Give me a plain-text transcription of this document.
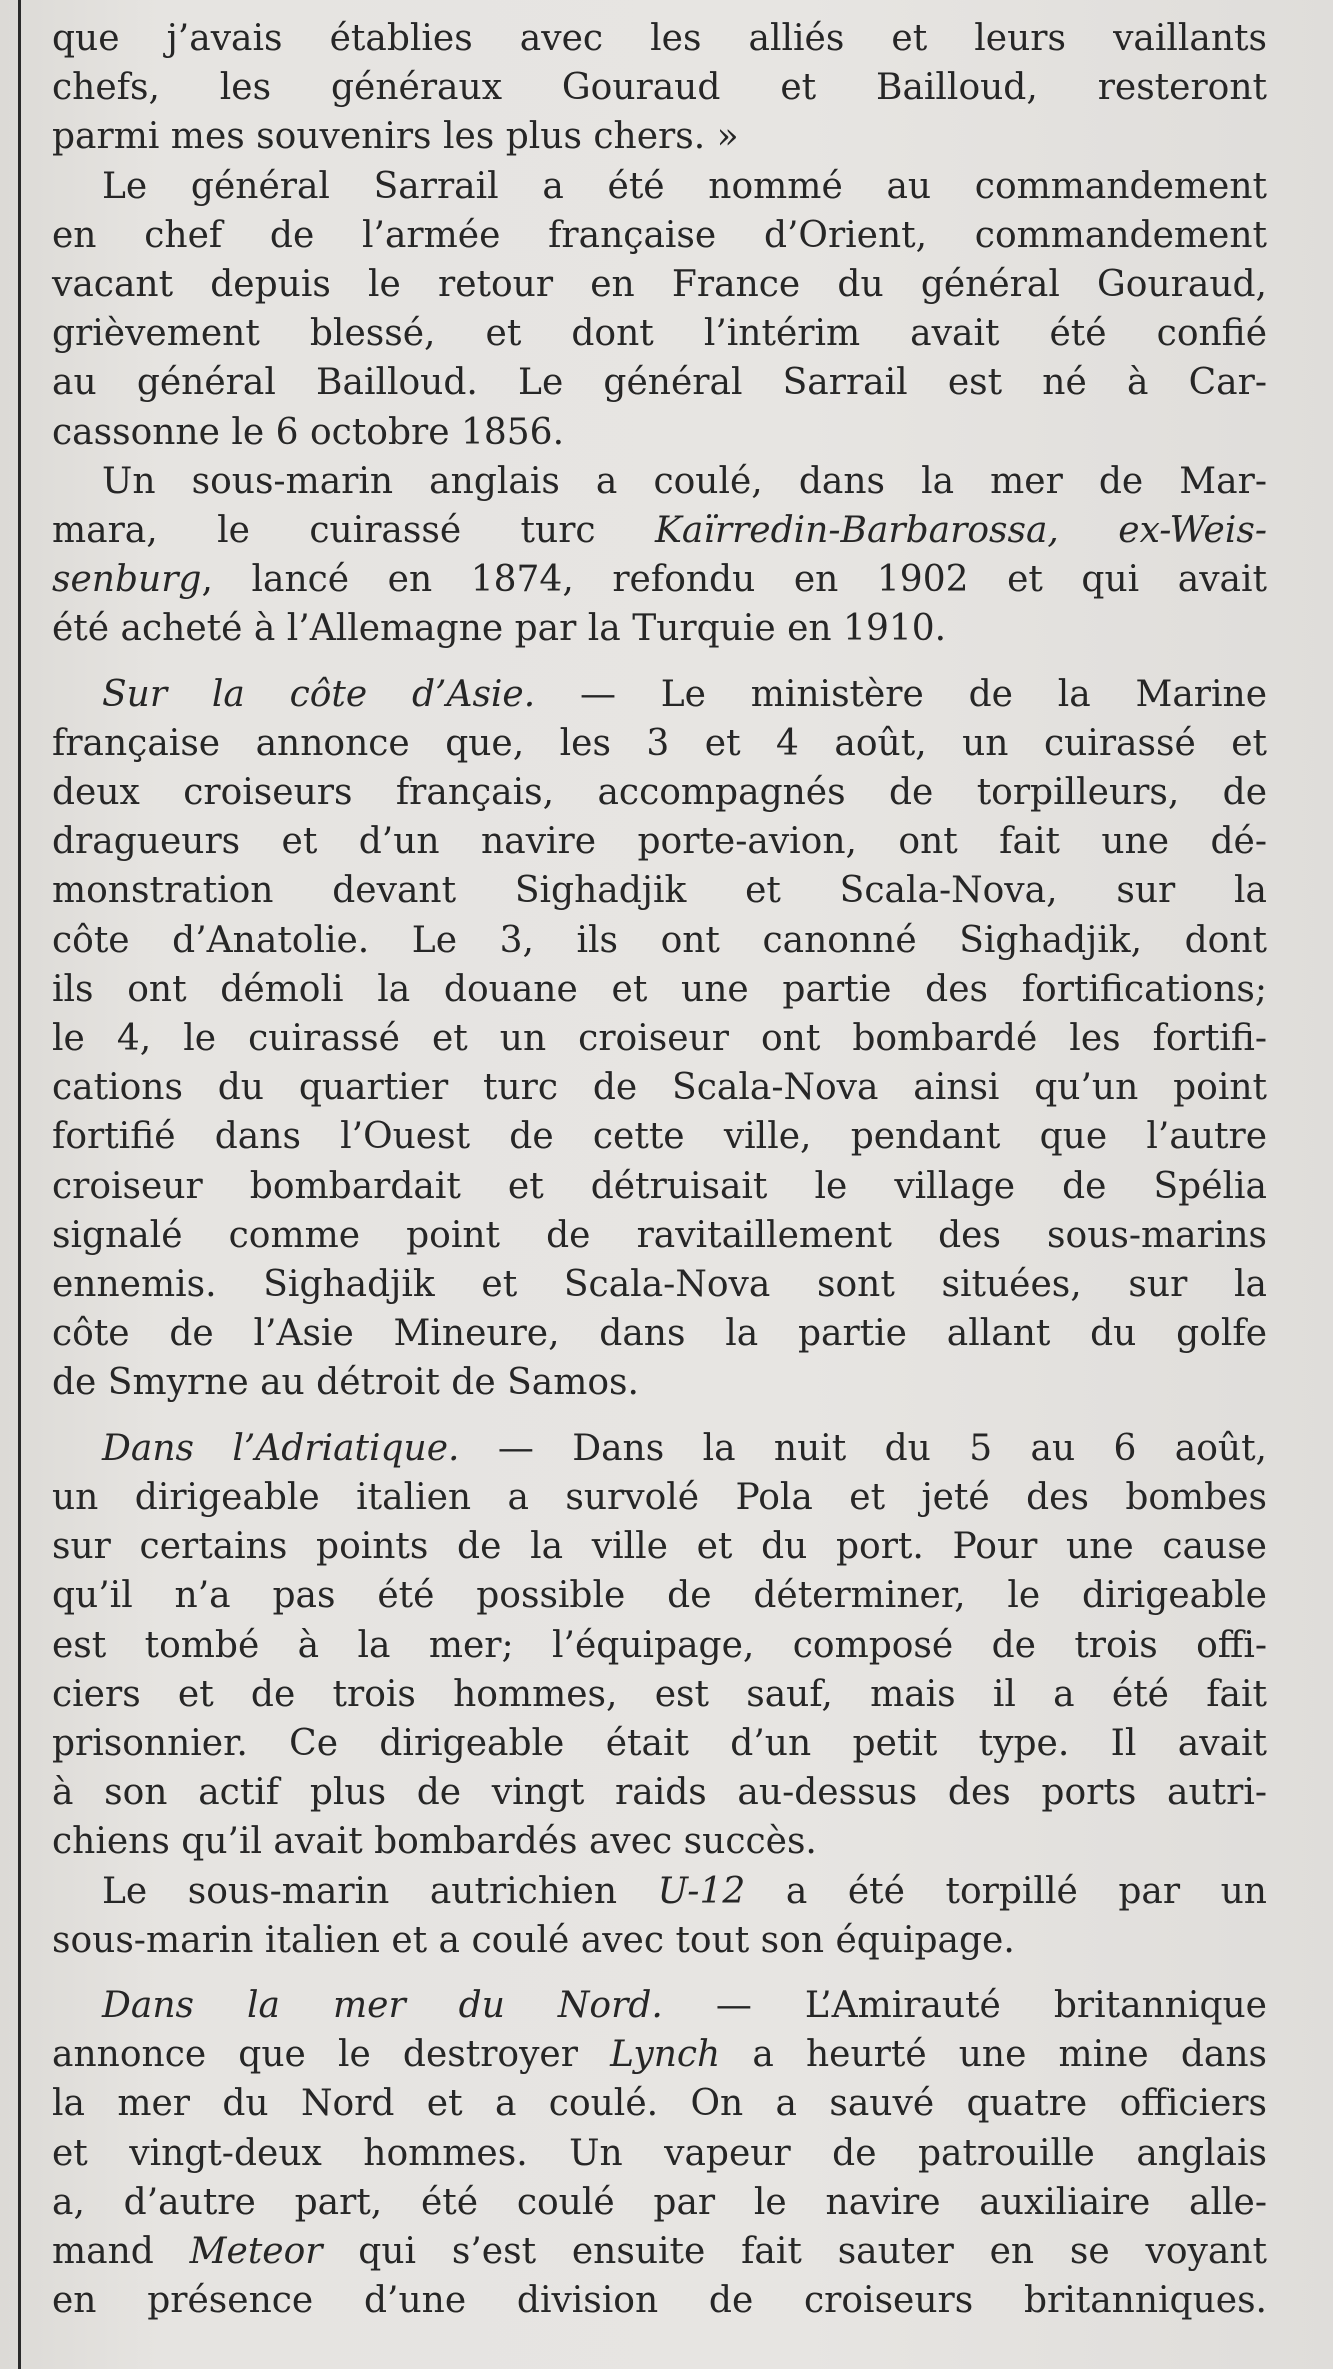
que j’avais établies avec les alliés et leurs vaillants
chefs, les généraux Gouraud et Bailloud, resteront
parmi mes souvenirs les plus chers. »
Le général Sarrail a été nommé au commandement
en chef de l’armée française d’Orient, commandement
vacant depuis le retour en France du général Gouraud,
grièvement blessé, et dont l’intérim avait été confié
au général Bailloud. Le général Sarrail est né à Car-
cassonne le 6 octobre 1856.
Un sous-marin anglais a coulé, dans la mer de Mar-
mara, le cuirassé turc Kaïrredin-Barbarossa, ex-Weis-
senburg, lancé en 1874, refondu en 1902 et qui avait
été acheté à l’Allemagne par la Turquie en 1910.
Sur la côte d’Asie. — Le ministère de la Marine
française annonce que, les 3 et 4 août, un cuirassé et
deux croiseurs français, accompagnés de torpilleurs, de
dragueurs et d’un navire porte-avion, ont fait une dé-
monstration devant Sighadjik et Scala-Nova, sur la
côte d’Anatolie. Le 3, ils ont canonné Sighadjik, dont
ils ont démoli la douane et une partie des fortifications;
le 4, le cuirassé et un croiseur ont bombardé les fortifi-
cations du quartier turc de Scala-Nova ainsi qu’un point
fortifié dans l’Ouest de cette ville, pendant que l’autre
croiseur bombardait et détruisait le village de Spélia
signalé comme point de ravitaillement des sous-marins
ennemis. Sighadjik et Scala-Nova sont situées, sur la
côte de l’Asie Mineure, dans la partie allant du golfe
de Smyrne au détroit de Samos.
Dans l’Adriatique. — Dans la nuit du 5 au 6 août,
un dirigeable italien a survolé Pola et jeté des bombes
sur certains points de la ville et du port. Pour une cause
qu’il n’a pas été possible de déterminer, le dirigeable
est tombé à la mer; l’équipage, composé de trois offi-
ciers et de trois hommes, est sauf, mais il a été fait
prisonnier. Ce dirigeable était d’un petit type. Il avait
à son actif plus de vingt raids au-dessus des ports autri-
chiens qu’il avait bombardés avec succès.
Le sous-marin autrichien U-12 a été torpillé par un
sous-marin italien et a coulé avec tout son équipage.
Dans la mer du Nord. — L’Amirauté britannique
annonce que le destroyer Lynch a heurté une mine dans
la mer du Nord et a coulé. On a sauvé quatre officiers
et vingt-deux hommes. Un vapeur de patrouille anglais
a, d’autre part, été coulé par le navire auxiliaire alle-
mand Meteor qui s’est ensuite fait sauter en se voyant
en présence d’une division de croiseurs britanniques.
